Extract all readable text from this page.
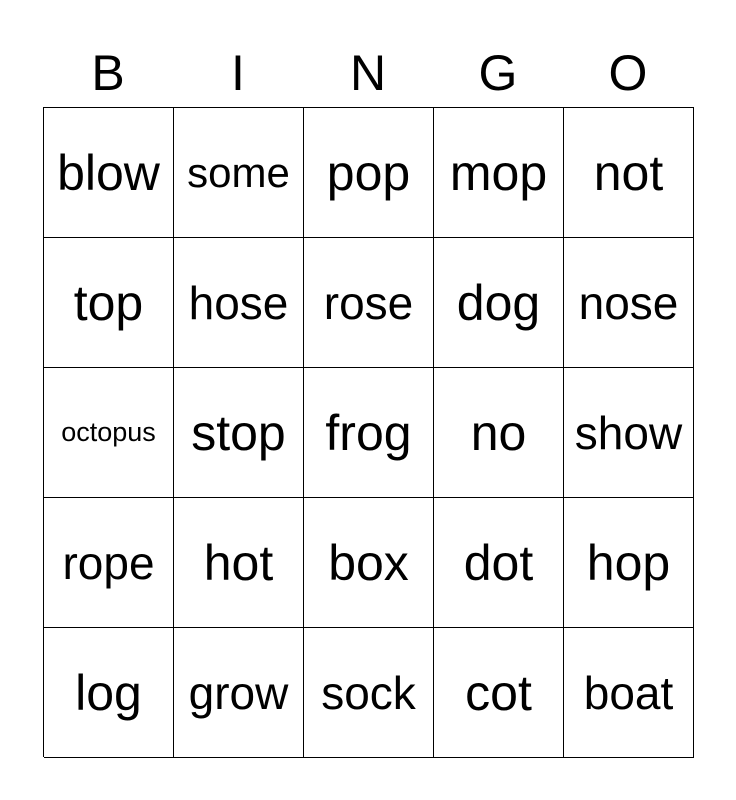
B	I	N	G	O
blow some pop mop not
top hose rose dog nose
octopus stop frog no show
rope hot box dot hop
log grow sock cot boat
